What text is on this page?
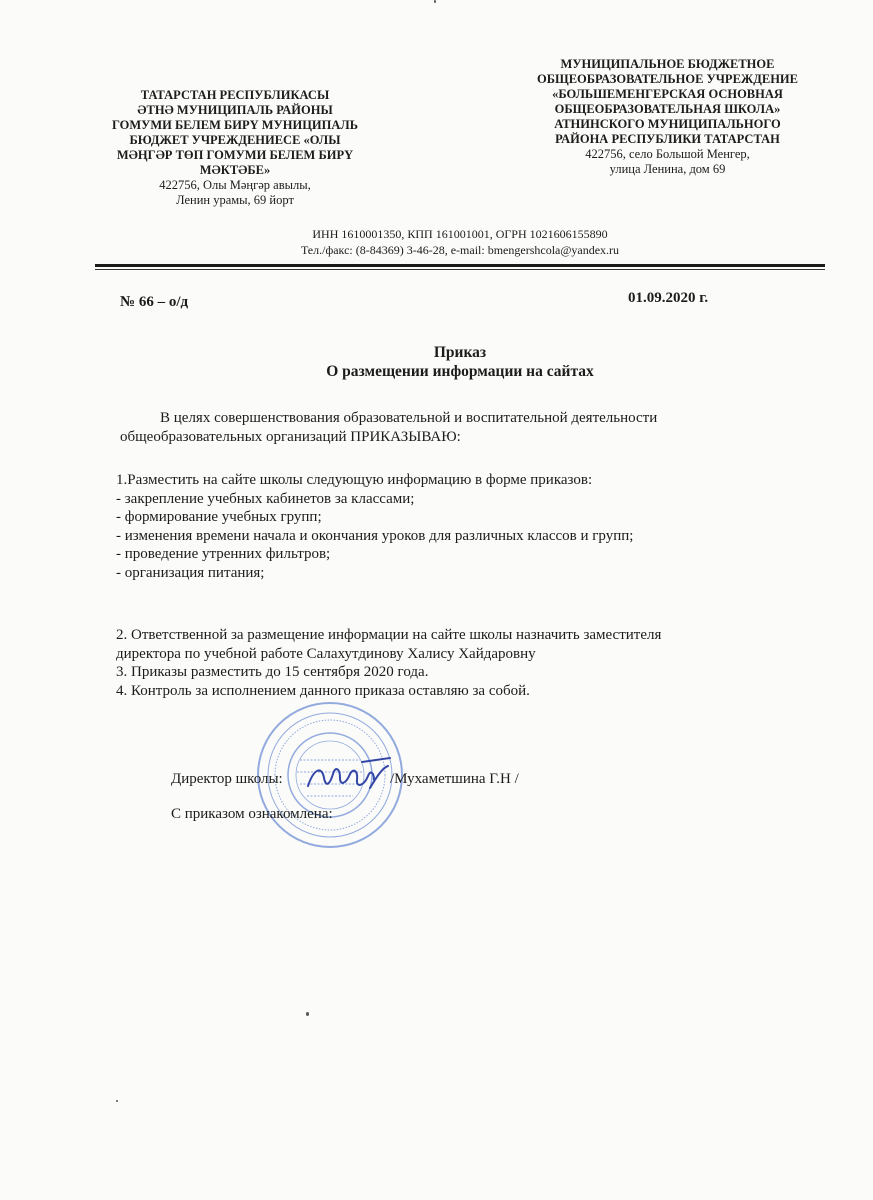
ТАТАРСТАН РЕСПУБЛИКАСЫ
ӘТНӘ МУНИЦИПАЛЬ РАЙОНЫ
ГОМУМИ БЕЛЕМ БИРҮ МУНИЦИПАЛЬ
БЮДЖЕТ УЧРЕЖДЕНИЕСЕ «ОЛЫ
МӘҢГӘР ТӨП ГОМУМИ БЕЛЕМ БИРҮ
МӘКТӘБЕ»
422756, Олы Мәңгәр авылы,
Ленин урамы, 69 йорт
МУНИЦИПАЛЬНОЕ БЮДЖЕТНОЕ
ОБЩЕОБРАЗОВАТЕЛЬНОЕ УЧРЕЖДЕНИЕ
«БОЛЬШЕМЕНГЕРСКАЯ ОСНОВНАЯ
ОБЩЕОБРАЗОВАТЕЛЬНАЯ ШКОЛА»
АТНИНСКОГО МУНИЦИПАЛЬНОГО
РАЙОНА РЕСПУБЛИКИ ТАТАРСТАН
422756, село Большой Менгер,
улица Ленина, дом 69
ИНН 1610001350, КПП 161001001, ОГРН 1021606155890
Тел./факс: (8-84369) 3-46-28, e-mail: bmengershcola@yandex.ru
№ 66 – о/д	01.09.2020 г.
Приказ
О размещении информации на сайтах
В целях совершенствования образовательной и воспитательной деятельности
общеобразовательных организаций ПРИКАЗЫВАЮ:
1.Разместить на сайте школы следующую информацию в форме приказов:
- закрепление учебных кабинетов за классами;
- формирование учебных групп;
- изменения времени начала и окончания уроков для различных классов и групп;
- проведение утренних фильтров;
- организация питания;
2. Ответственной за размещение информации на сайте школы назначить заместителя
директора по учебной работе Салахутдинову Халису Хайдаровну
3. Приказы разместить до 15 сентября 2020 года.
4. Контроль за исполнением данного приказа оставляю за собой.
Директор школы:	/Мухаметшина Г.Н /
С приказом ознакомлена:
